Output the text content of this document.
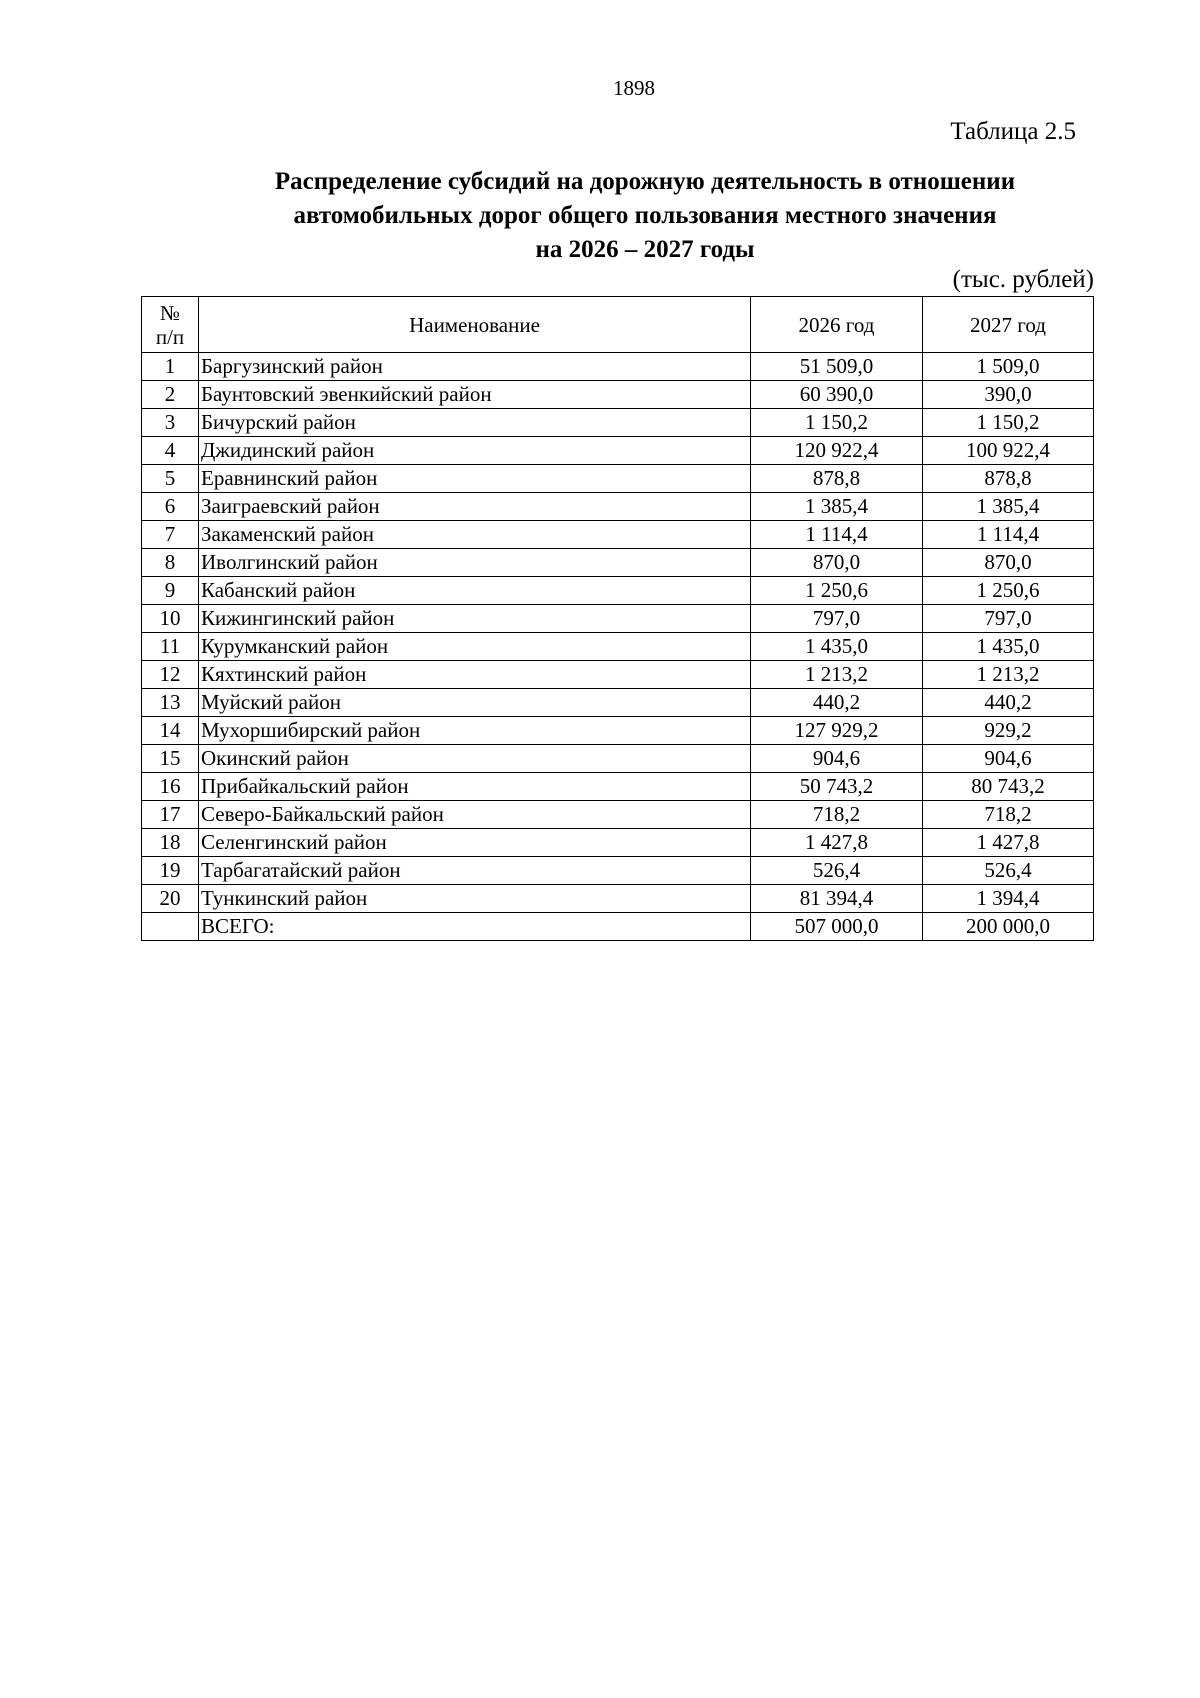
1898
Таблица 2.5
Распределение субсидий на дорожную деятельность в отношении
автомобильных дорог общего пользования местного значения
на 2026 – 2027 годы
(тыс. рублей)
№
п/п	Наименование	2026 год	2027 год
1	Баргузинский район	51 509,0	1 509,0
2	Баунтовский эвенкийский район	60 390,0	390,0
3	Бичурский район	1 150,2	1 150,2
4	Джидинский район	120 922,4	100 922,4
5	Еравнинский район	878,8	878,8
6	Заиграевский район	1 385,4	1 385,4
7	Закаменский район	1 114,4	1 114,4
8	Иволгинский район	870,0	870,0
9	Кабанский район	1 250,6	1 250,6
10	Кижингинский район	797,0	797,0
11	Курумканский район	1 435,0	1 435,0
12	Кяхтинский район	1 213,2	1 213,2
13	Муйский район	440,2	440,2
14	Мухоршибирский район	127 929,2	929,2
15	Окинский район	904,6	904,6
16	Прибайкальский район	50 743,2	80 743,2
17	Северо-Байкальский район	718,2	718,2
18	Селенгинский район	1 427,8	1 427,8
19	Тарбагатайский район	526,4	526,4
20	Тункинский район	81 394,4	1 394,4
	ВСЕГО:	507 000,0	200 000,0
